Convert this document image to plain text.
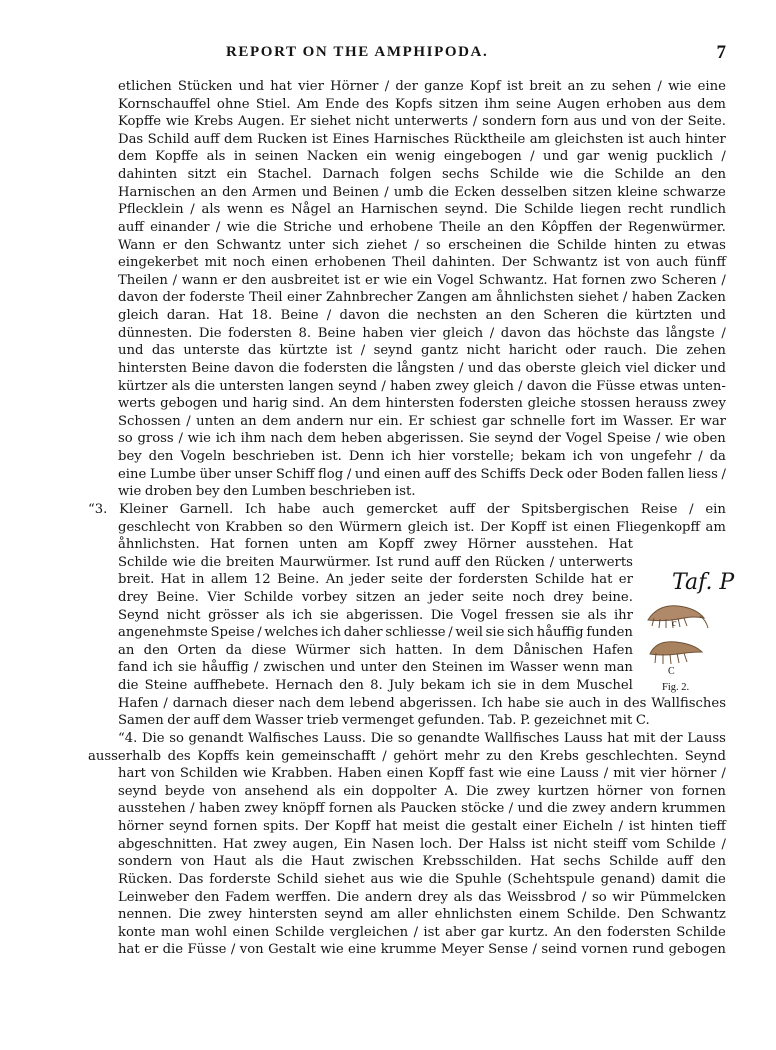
REPORT ON THE AMPHIPODA.	7
etlichen Stücken und hat vier Hörner / der ganze Kopf ist breit an zu sehen / wie eine
Kornschauffel ohne Stiel. Am Ende des Kopfs sitzen ihm seine Augen erhoben aus dem
Kopffe wie Krebs Augen. Er siehet nicht unterwerts / sondern forn aus und von der Seite.
Das Schild auff dem Rucken ist Eines Harnisches Rücktheile am gleichsten ist auch hinter
dem Kopffe als in seinen Nacken ein wenig eingebogen / und gar wenig pucklich /
dahinten sitzt ein Stachel. Darnach folgen sechs Schilde wie die Schilde an den
Harnischen an den Armen und Beinen / umb die Ecken desselben sitzen kleine schwarze
Pflecklein / als wenn es Någel an Harnischen seynd. Die Schilde liegen recht rundlich
auff einander / wie die Striche und erhobene Theile an den Kôpffen der Regenwürmer.
Wann er den Schwantz unter sich ziehet / so erscheinen die Schilde hinten zu etwas
eingekerbet mit noch einen erhobenen Theil dahinten. Der Schwantz ist von auch fünff
Theilen / wann er den ausbreitet ist er wie ein Vogel Schwantz. Hat fornen zwo Scheren /
davon der foderste Theil einer Zahnbrecher Zangen am åhnlichsten siehet / haben Zacken
gleich daran. Hat 18. Beine / davon die nechsten an den Scheren die kürtzten und
dünnesten. Die fodersten 8. Beine haben vier gleich / davon das höchste das långste /
und das unterste das kürtzte ist / seynd gantz nicht haricht oder rauch. Die zehen
hintersten Beine davon die fodersten die långsten / und das oberste gleich viel dicker und
kürtzer als die untersten langen seynd / haben zwey gleich / davon die Füsse etwas unten-
werts gebogen und harig sind. An dem hintersten fodersten gleiche stossen herauss zwey
Schossen / unten an dem andern nur ein. Er schiest gar schnelle fort im Wasser. Er war
so gross / wie ich ihm nach dem heben abgerissen. Sie seynd der Vogel Speise / wie oben
bey den Vogeln beschrieben ist. Denn ich hier vorstelle; bekam ich von ungefehr / da
eine Lumbe über unser Schiff flog / und einen auff des Schiffs Deck oder Boden fallen liess /
wie droben bey den Lumben beschrieben ist.
“3. Kleiner Garnell. Ich habe auch gemercket auff der Spitsbergischen Reise / ein
geschlecht von Krabben so den Würmern gleich ist. Der Kopff ist einen Fliegenkopff am
åhnlichsten. Hat fornen unten am Kopff zwey Hörner ausstehen. Hat
Schilde wie die breiten Maurwürmer. Ist rund auff den Rücken / unterwerts
breit. Hat in allem 12 Beine. An jeder seite der fordersten Schilde hat er
drey Beine. Vier Schilde vorbey sitzen an jeder seite noch drey beine.
Seynd nicht grösser als ich sie abgerissen. Die Vogel fressen sie als ihr
angenehmste Speise / welches ich daher schliesse / weil sie sich håuffig funden
an den Orten da diese Würmer sich hatten. In dem Dånischen Hafen
fand ich sie håuffig / zwischen und unter den Steinen im Wasser wenn man
die Steine auffhebete. Hernach den 8. July bekam ich sie in dem Muschel
Hafen / darnach dieser nach dem lebend abgerissen. Ich habe sie auch in des Wallfisches
Samen der auff dem Wasser trieb vermenget gefunden. Tab. P. gezeichnet mit C.
“4. Die so genandt Walfisches Lauss. Die so genandte Wallfisches Lauss hat mit der Lauss
ausserhalb des Kopffs kein gemeinschafft / gehört mehr zu den Krebs geschlechten. Seynd
hart von Schilden wie Krabben. Haben einen Kopff fast wie eine Lauss / mit vier hörner /
seynd beyde von ansehend als ein doppolter A. Die zwey kurtzen hörner von fornen
ausstehen / haben zwey knöpff fornen als Paucken stöcke / und die zwey andern krummen
hörner seynd fornen spits. Der Kopff hat meist die gestalt einer Eicheln / ist hinten tieff
abgeschnitten. Hat zwey augen, Ein Nasen loch. Der Halss ist nicht steiff vom Schilde /
sondern von Haut als die Haut zwischen Krebsschilden. Hat sechs Schilde auff den
Rücken. Das forderste Schild siehet aus wie die Spuhle (Schehtspule genand) damit die
Leinweber den Fadem werffen. Die andern drey als das Weissbrod / so wir Pümmelcken
nennen. Die zwey hintersten seynd am aller ehnlichsten einem Schilde. Den Schwantz
konte man wohl einen Schilde vergleichen / ist aber gar kurtz. An den fodersten Schilde
hat er die Füsse / von Gestalt wie eine krumme Meyer Sense / seind vornen rund gebogen
Taf. P
c
C
Fig. 2.
